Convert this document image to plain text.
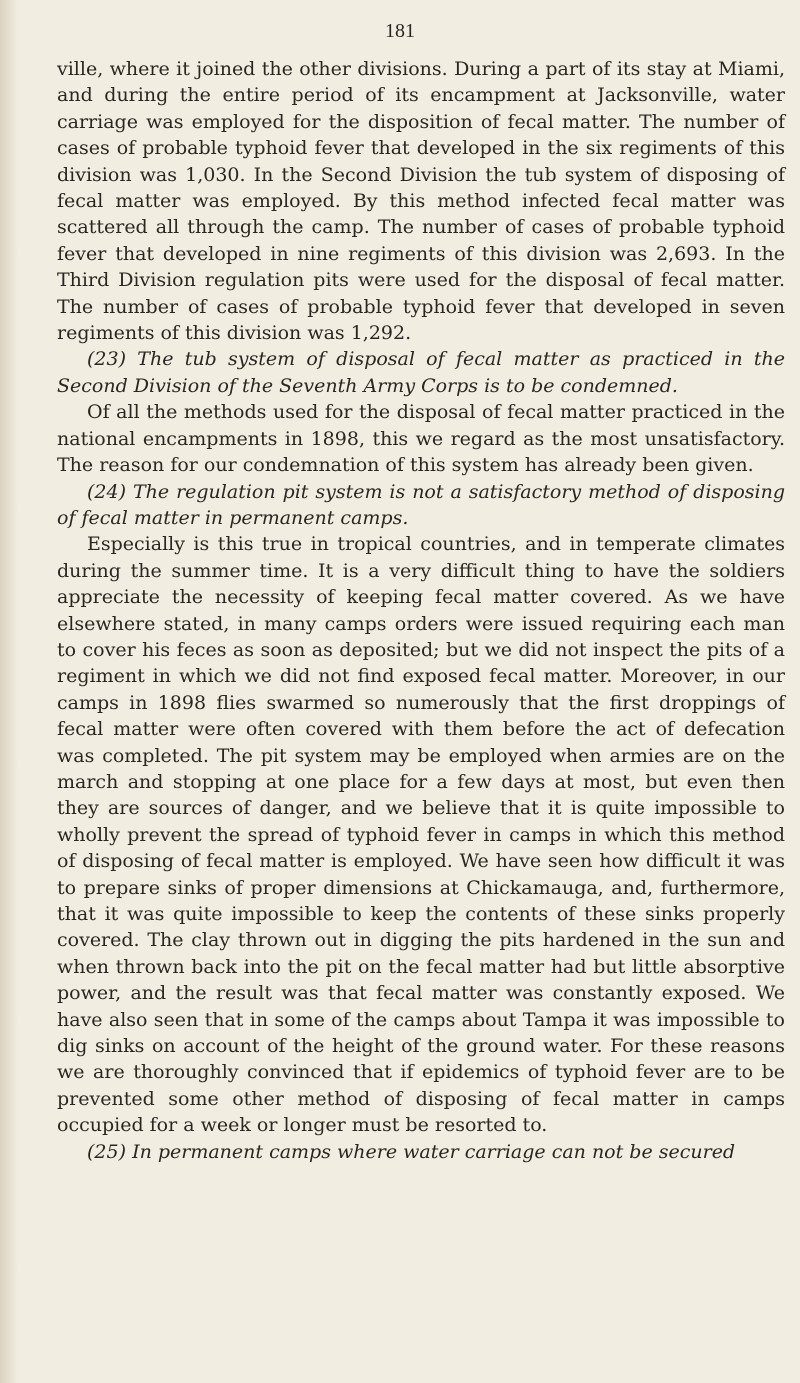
181

ville, where it joined the other divisions. During a part of its stay at Miami, and during the entire period of its encampment at Jacksonville, water carriage was employed for the disposition of fecal matter. The number of cases of probable typhoid fever that developed in the six regiments of this division was 1,030. In the Second Division the tub system of disposing of fecal matter was employed. By this method infected fecal matter was scattered all through the camp. The number of cases of probable typhoid fever that developed in nine regiments of this division was 2,693. In the Third Division regulation pits were used for the disposal of fecal matter. The number of cases of probable typhoid fever that developed in seven regiments of this division was 1,292.

(23) The tub system of disposal of fecal matter as practiced in the Second Division of the Seventh Army Corps is to be condemned.

Of all the methods used for the disposal of fecal matter practiced in the national encampments in 1898, this we regard as the most unsatisfactory. The reason for our condemnation of this system has already been given.

(24) The regulation pit system is not a satisfactory method of disposing of fecal matter in permanent camps.

Especially is this true in tropical countries, and in temperate climates during the summer time. It is a very difficult thing to have the soldiers appreciate the necessity of keeping fecal matter covered. As we have elsewhere stated, in many camps orders were issued requiring each man to cover his feces as soon as deposited; but we did not inspect the pits of a regiment in which we did not find exposed fecal matter. Moreover, in our camps in 1898 flies swarmed so numerously that the first droppings of fecal matter were often covered with them before the act of defecation was completed. The pit system may be employed when armies are on the march and stopping at one place for a few days at most, but even then they are sources of danger, and we believe that it is quite impossible to wholly prevent the spread of typhoid fever in camps in which this method of disposing of fecal matter is employed. We have seen how difficult it was to prepare sinks of proper dimensions at Chickamauga, and, furthermore, that it was quite impossible to keep the contents of these sinks properly covered. The clay thrown out in digging the pits hardened in the sun and when thrown back into the pit on the fecal matter had but little absorptive power, and the result was that fecal matter was constantly exposed. We have also seen that in some of the camps about Tampa it was impossible to dig sinks on account of the height of the ground water. For these reasons we are thoroughly convinced that if epidemics of typhoid fever are to be prevented some other method of disposing of fecal matter in camps occupied for a week or longer must be resorted to.

(25) In permanent camps where water carriage can not be secured
